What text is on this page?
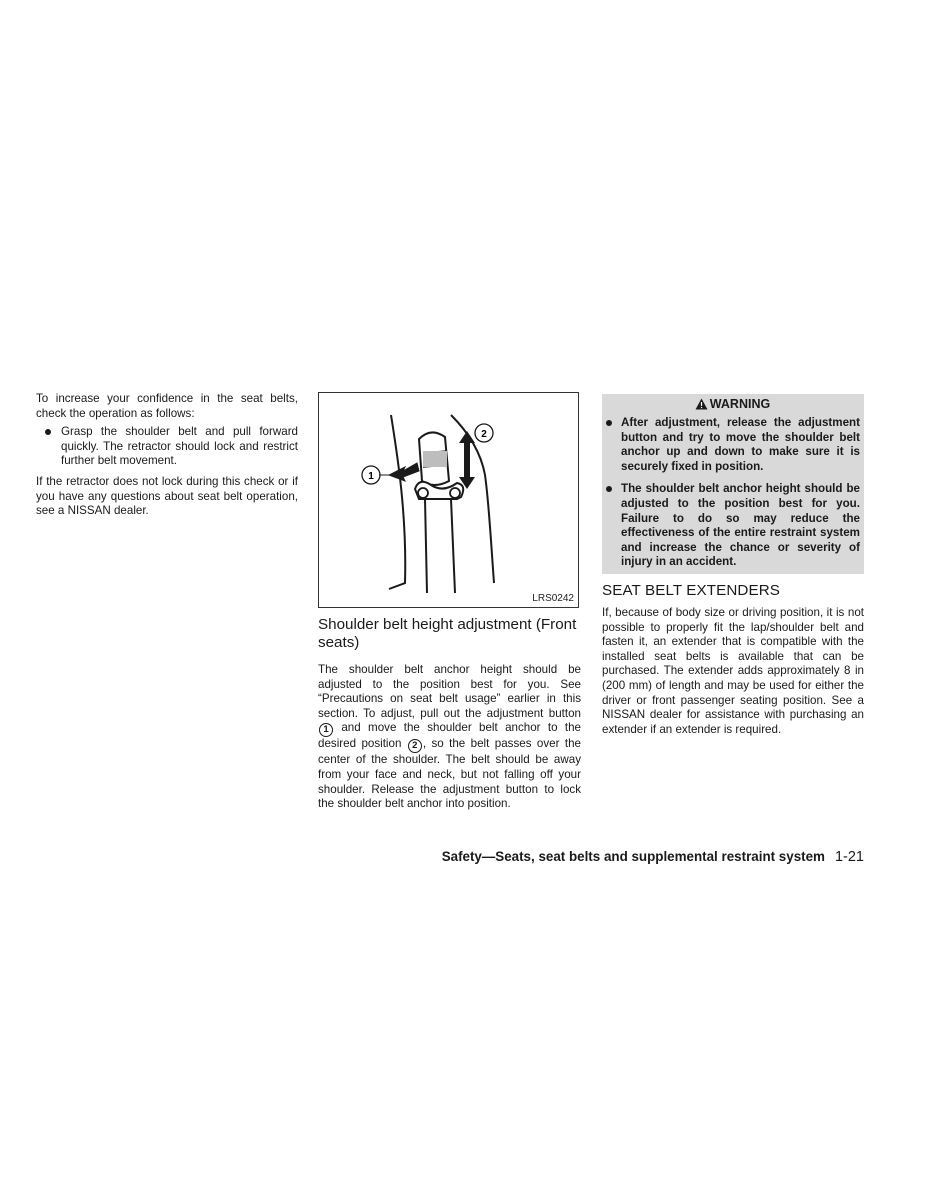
To increase your confidence in the seat belts, check the operation as follows:

Grasp the shoulder belt and pull forward quickly. The retractor should lock and restrict further belt movement.

If the retractor does not lock during this check or if you have any questions about seat belt operation, see a NISSAN dealer.

1
2
LRS0242
Shoulder belt height adjustment (Front seats)

The shoulder belt anchor height should be adjusted to the position best for you. See “Precautions on seat belt usage” earlier in this section. To adjust, pull out the adjustment button 1 and move the shoulder belt anchor to the desired position 2 , so the belt passes over the center of the shoulder. The belt should be away from your face and neck, but not falling off your shoulder. Release the adjustment button to lock the shoulder belt anchor into position.

WARNING
After adjustment, release the adjustment button and try to move the shoulder belt anchor up and down to make sure it is securely fixed in position.
The shoulder belt anchor height should be adjusted to the position best for you. Failure to do so may reduce the effectiveness of the entire restraint system and increase the chance or severity of injury in an accident.
SEAT BELT EXTENDERS

If, because of body size or driving position, it is not possible to properly fit the lap/shoulder belt and fasten it, an extender that is compatible with the installed seat belts is available that can be purchased. The extender adds approximately 8 in (200 mm) of length and may be used for either the driver or front passenger seating position. See a NISSAN dealer for assistance with purchasing an extender if an extender is required.

Safety—Seats, seat belts and supplemental restraint system 1-21
